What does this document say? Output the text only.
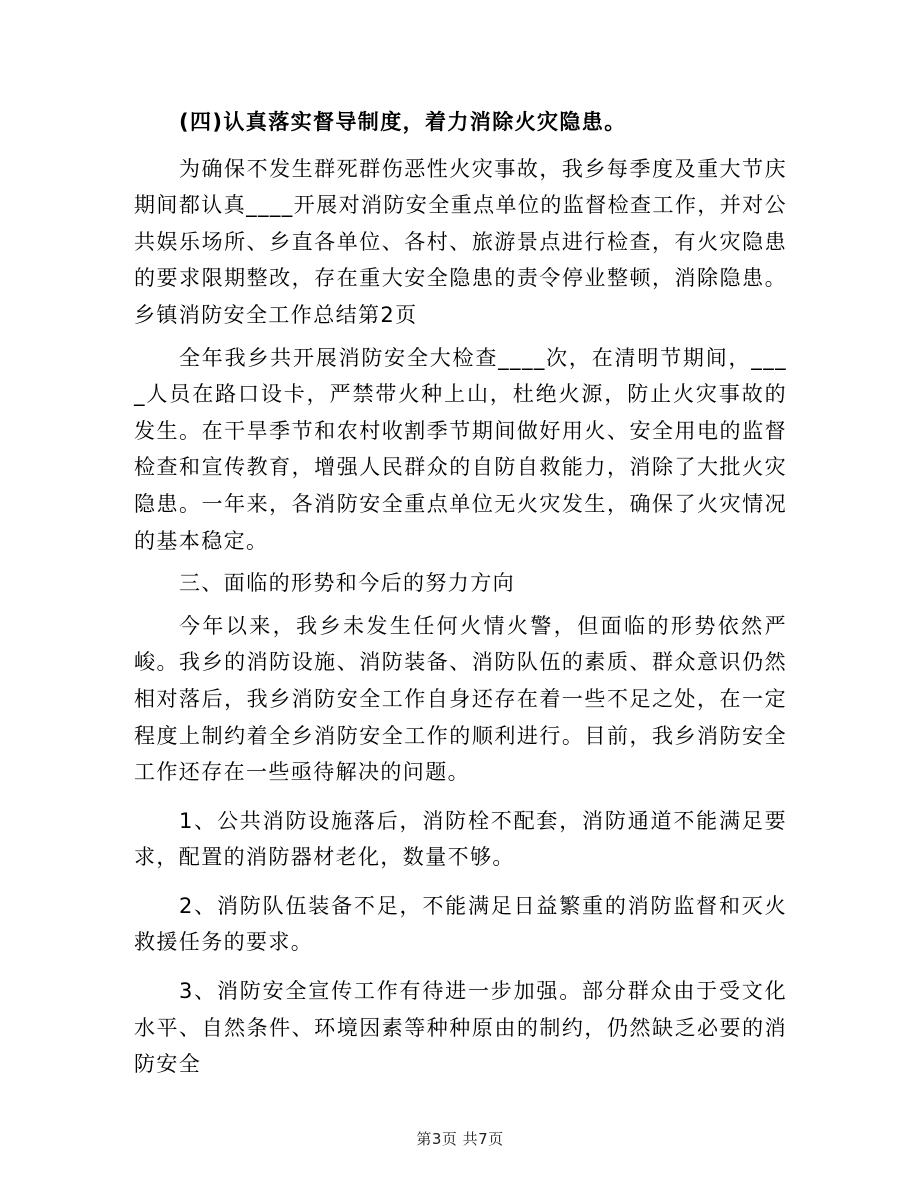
(四)认真落实督导制度，着力消除火灾隐患。

为确保不发生群死群伤恶性火灾事故，我乡每季度及重大节庆期间都认真____开展对消防安全重点单位的监督检查工作，并对公共娱乐场所、乡直各单位、各村、旅游景点进行检查，有火灾隐患的要求限期整改，存在重大安全隐患的责令停业整顿，消除隐患。乡镇消防安全工作总结第2页

全年我乡共开展消防安全大检查____次，在清明节期间，____人员在路口设卡，严禁带火种上山，杜绝火源，防止火灾事故的发生。在干旱季节和农村收割季节期间做好用火、安全用电的监督检查和宣传教育，增强人民群众的自防自救能力，消除了大批火灾隐患。一年来，各消防安全重点单位无火灾发生，确保了火灾情况的基本稳定。

三、面临的形势和今后的努力方向

今年以来，我乡未发生任何火情火警，但面临的形势依然严峻。我乡的消防设施、消防装备、消防队伍的素质、群众意识仍然相对落后，我乡消防安全工作自身还存在着一些不足之处，在一定程度上制约着全乡消防安全工作的顺利进行。目前，我乡消防安全工作还存在一些亟待解决的问题。

1、公共消防设施落后，消防栓不配套，消防通道不能满足要求，配置的消防器材老化，数量不够。

2、消防队伍装备不足，不能满足日益繁重的消防监督和灭火救援任务的要求。

3、消防安全宣传工作有待进一步加强。部分群众由于受文化水平、自然条件、环境因素等种种原由的制约，仍然缺乏必要的消防安全

第3页 共7页
